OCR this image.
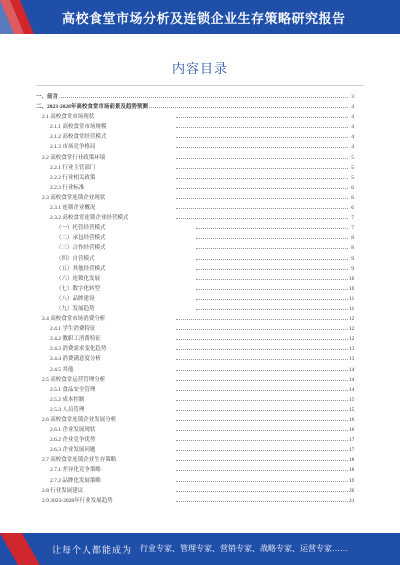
高校食堂市场分析及连锁企业生存策略研究报告
内容目录
一、前言	3
二、2023-2028年高校食堂市场前景及趋势预测	4
2.1 高校食堂市场现状	4
2.1.1 高校食堂市场规模	4
2.1.2 高校食堂经营模式	4
2.1.3 市场竞争格局	4
2.2 高校食堂行业政策环境	5
2.2.1 行业主管部门	5
2.2.2 行业相关政策	5
2.2.3 行业标准	6
2.3 高校食堂连锁企业现状	6
2.3.1 连锁企业概况	6
2.3.2 高校食堂连锁企业经营模式	7
（一）托管经营模式	7
（二）承包经营模式	8
（三）合作经营模式	8
（四）自营模式	9
（五）其他经营模式	9
（六）连锁化发展	10
（七）数字化转型	10
（八）品牌建设	11
（九）发展趋势	11
2.4 高校食堂市场消费分析	12
2.4.1 学生消费特征	12
2.4.2 教职工消费特征	12
2.4.3 消费需求变化趋势	13
2.4.4 消费满意度分析	13
2.4.5 其他	14
2.5 高校食堂运营管理分析	14
2.5.1 食品安全管理	14
2.5.2 成本控制	15
2.5.3 人员管理	15
2.6 高校食堂连锁企业发展分析	16
2.6.1 企业发展现状	16
2.6.2 企业竞争优势	17
2.6.3 企业发展问题	17
2.7 高校食堂连锁企业生存策略	18
2.7.1 差异化竞争策略	18
2.7.2 品牌化发展策略	19
2.8 行业发展建议	20
2.9 2023-2028年行业发展趋势	21
让每个人都能成为 行业专家、管理专家、营销专家、战略专家、运营专家……
